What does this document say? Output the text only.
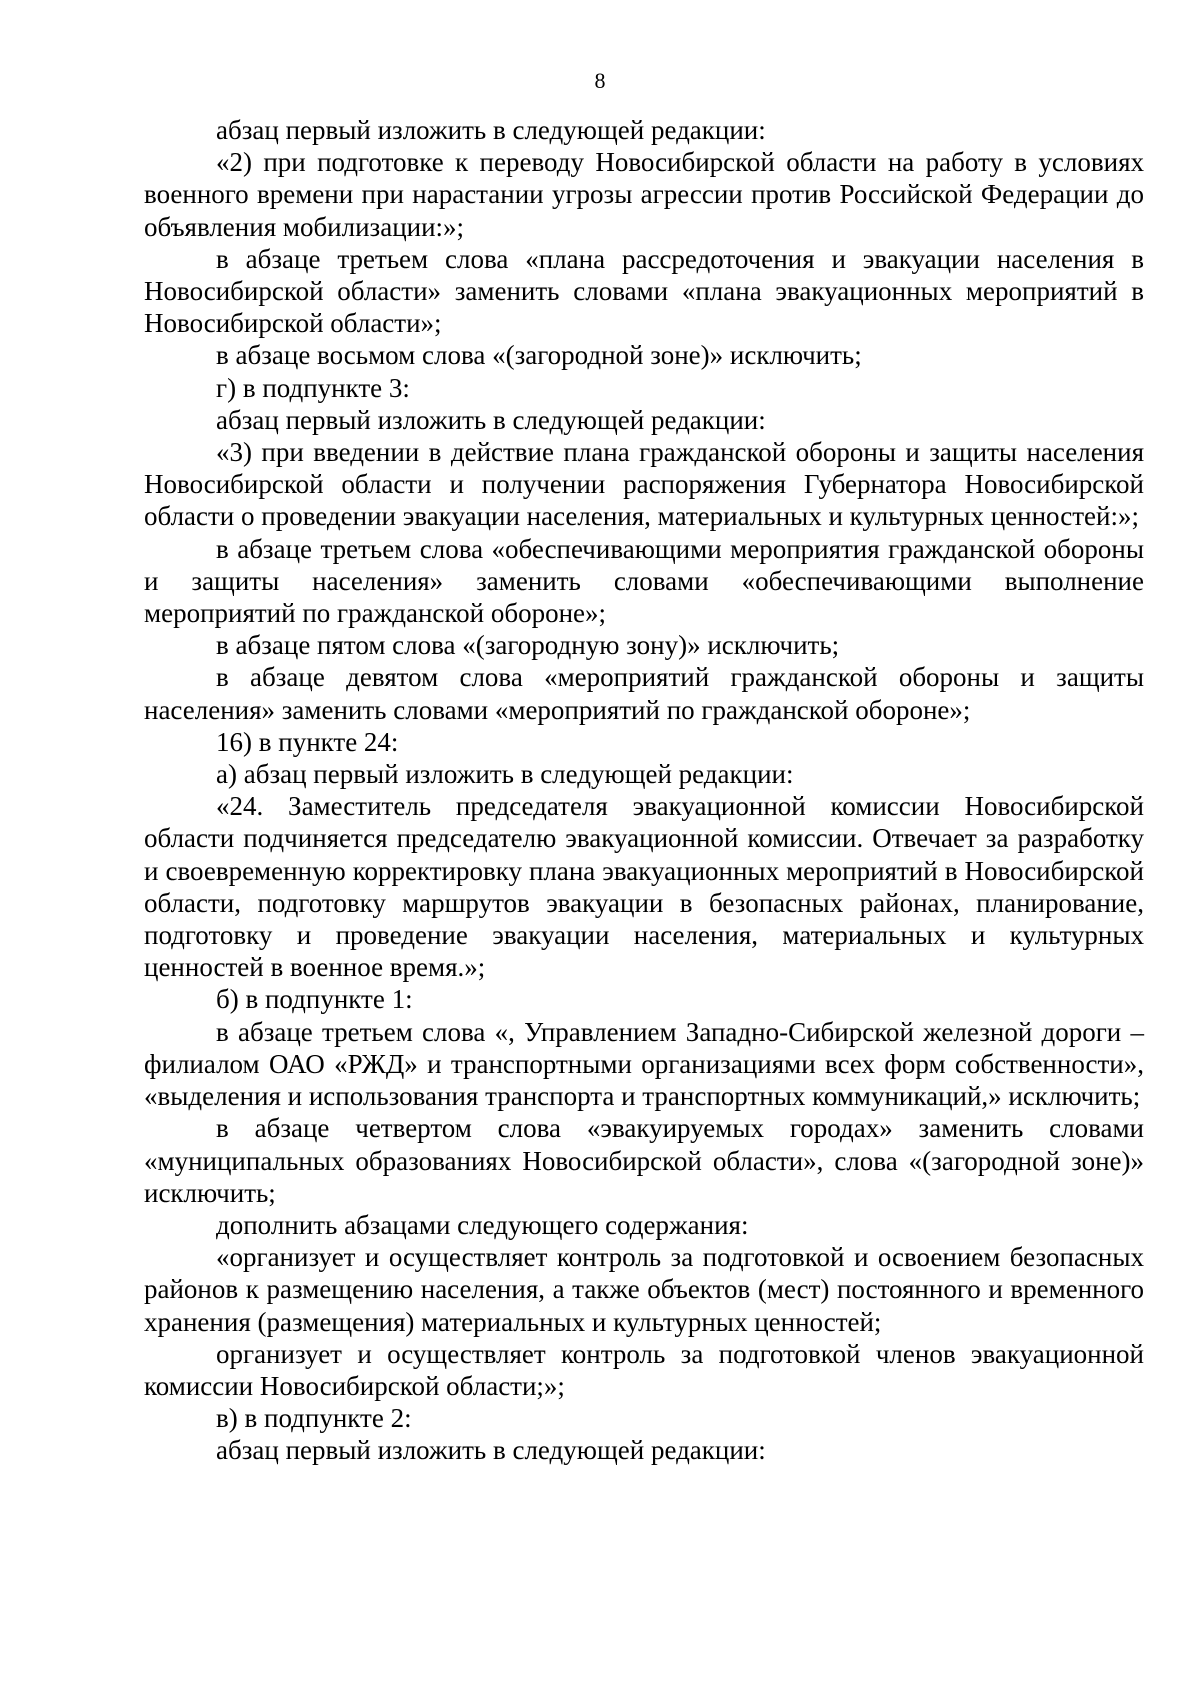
8

абзац первый изложить в следующей редакции:

«2) при подготовке к переводу Новосибирской области на работу в условиях военного времени при нарастании угрозы агрессии против Российской Федерации до объявления мобилизации:»;

в абзаце третьем слова «плана рассредоточения и эвакуации населения в Новосибирской области» заменить словами «плана эвакуационных мероприятий в Новосибирской области»;

в абзаце восьмом слова «(загородной зоне)» исключить;

г) в подпункте 3:

абзац первый изложить в следующей редакции:

«3) при введении в действие плана гражданской обороны и защиты населения Новосибирской области и получении распоряжения Губернатора Новосибирской области о проведении эвакуации населения, материальных и культурных ценностей:»;

в абзаце третьем слова «обеспечивающими мероприятия гражданской обороны и защиты населения» заменить словами «обеспечивающими выполнение мероприятий по гражданской обороне»;

в абзаце пятом слова «(загородную зону)» исключить;

в абзаце девятом слова «мероприятий гражданской обороны и защиты населения» заменить словами «мероприятий по гражданской обороне»;

16) в пункте 24:

а) абзац первый изложить в следующей редакции:

«24. Заместитель председателя эвакуационной комиссии Новосибирской области подчиняется председателю эвакуационной комиссии. Отвечает за разработку и своевременную корректировку плана эвакуационных мероприятий в Новосибирской области, подготовку маршрутов эвакуации в безопасных районах, планирование, подготовку и проведение эвакуации населения, материальных и культурных ценностей в военное время.»;

б) в подпункте 1:

в абзаце третьем слова «, Управлением Западно-Сибирской железной дороги – филиалом ОАО «РЖД» и транспортными организациями всех форм собственности», «выделения и использования транспорта и транспортных коммуникаций,» исключить;

в абзаце четвертом слова «эвакуируемых городах» заменить словами «муниципальных образованиях Новосибирской области», слова «(загородной зоне)» исключить;

дополнить абзацами следующего содержания:

«организует и осуществляет контроль за подготовкой и освоением безопасных районов к размещению населения, а также объектов (мест) постоянного и временного хранения (размещения) материальных и культурных ценностей;

организует и осуществляет контроль за подготовкой членов эвакуационной комиссии Новосибирской области;»;

в) в подпункте 2:

абзац первый изложить в следующей редакции:
